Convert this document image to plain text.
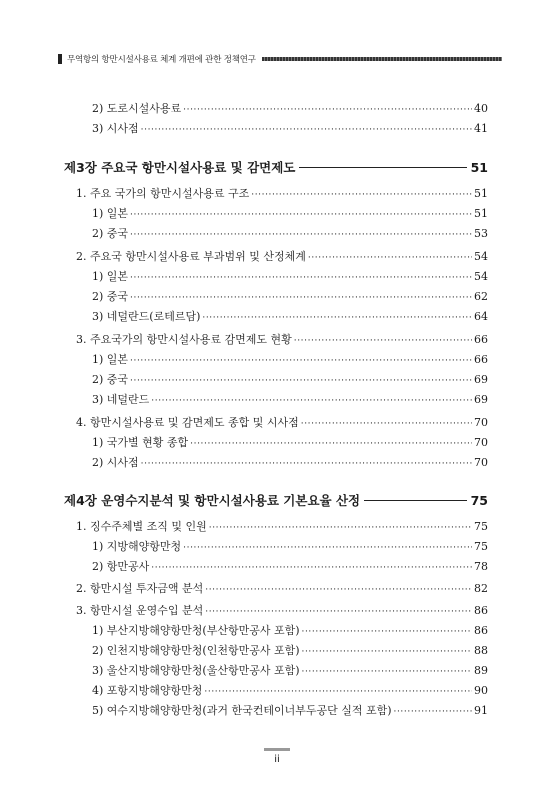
무역항의 항만시설사용료 체계 개편에 관한 정책연구
2) 도로시설사용료 ·····	40
3) 시사점 ·····	41
제3장 주요국 항만시설사용료 및 감면제도	51
1. 주요 국가의 항만시설사용료 구조 ·····	51
1) 일본 ·····	51
2) 중국 ·····	53
2. 주요국 항만시설사용료 부과범위 및 산정체계 ·····	54
1) 일본 ·····	54
2) 중국 ·····	62
3) 네덜란드(로테르담) ·····	64
3. 주요국가의 항만시설사용료 감면제도 현황 ·····	66
1) 일본 ·····	66
2) 중국 ·····	69
3) 네덜란드 ·····	69
4. 항만시설사용료 및 감면제도 종합 및 시사점 ·····	70
1) 국가별 현황 종합 ·····	70
2) 시사점 ·····	70
제4장 운영수지분석 및 항만시설사용료 기본요율 산정	75
1. 징수주체별 조직 및 인원 ·····	75
1) 지방해양항만청 ·····	75
2) 항만공사 ·····	78
2. 항만시설 투자금액 분석 ·····	82
3. 항만시설 운영수입 분석 ·····	86
1) 부산지방해양항만청(부산항만공사 포함) ·····	86
2) 인천지방해양항만청(인천항만공사 포함) ·····	88
3) 울산지방해양항만청(울산항만공사 포함) ·····	89
4) 포항지방해양항만청 ·····	90
5) 여수지방해양항만청(과거 한국컨테이너부두공단 실적 포함) ·····	91
ii
